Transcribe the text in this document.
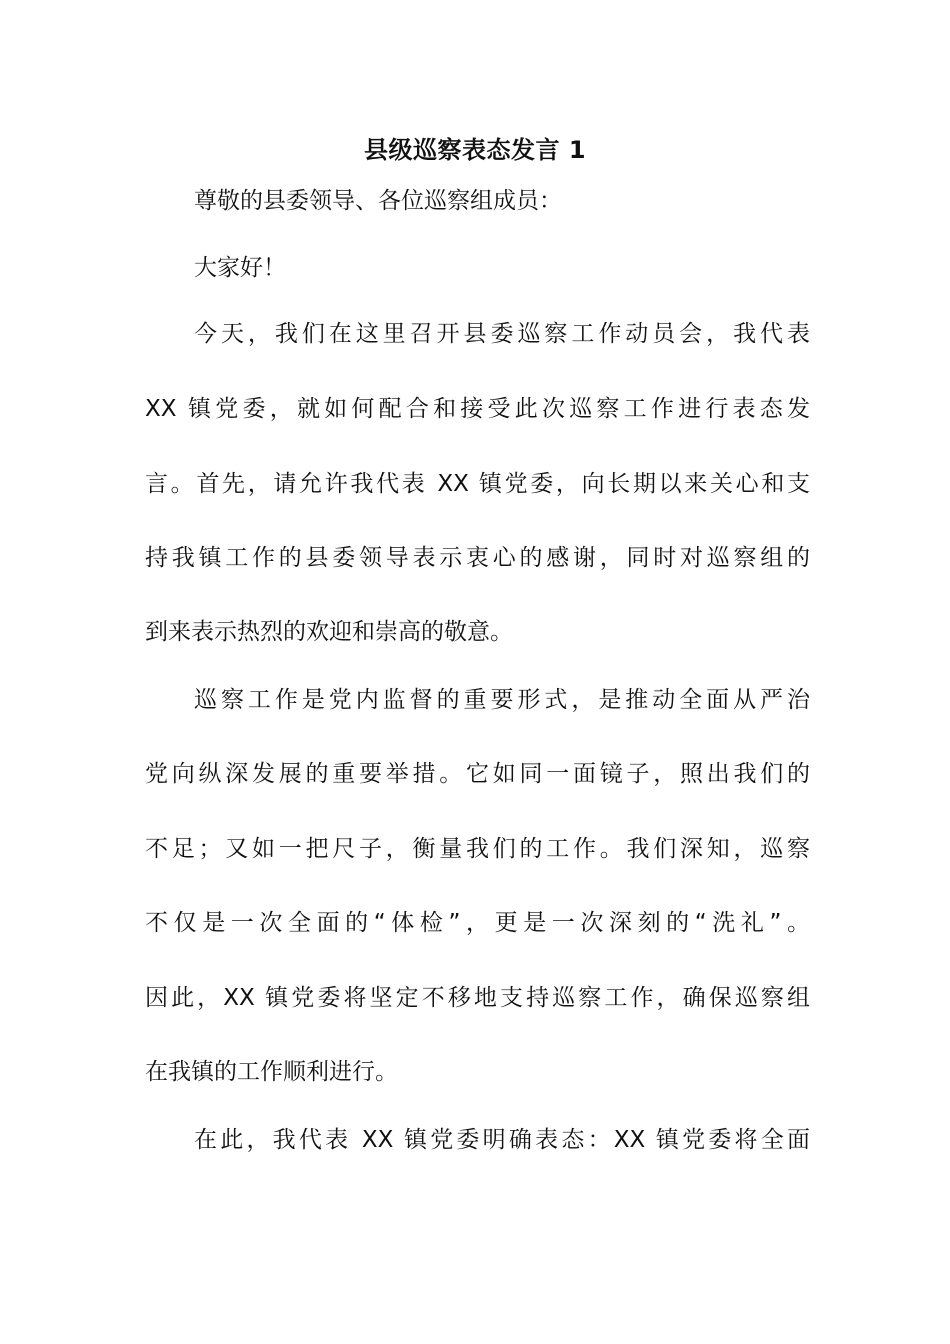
县级巡察表态发言 1
尊敬的县委领导、各位巡察组成员：
大家好！
今天，我们在这里召开县委巡察工作动员会，我代表
XX 镇党委，就如何配合和接受此次巡察工作进行表态发
言。首先，请允许我代表 XX 镇党委，向长期以来关心和支
持我镇工作的县委领导表示衷心的感谢，同时对巡察组的
到来表示热烈的欢迎和崇高的敬意。
巡察工作是党内监督的重要形式，是推动全面从严治
党向纵深发展的重要举措。它如同一面镜子，照出我们的
不足；又如一把尺子，衡量我们的工作。我们深知，巡察
不仅是一次全面的“体检”，更是一次深刻的“洗礼”。
因此，XX 镇党委将坚定不移地支持巡察工作，确保巡察组
在我镇的工作顺利进行。
在此，我代表 XX 镇党委明确表态：XX 镇党委将全面
